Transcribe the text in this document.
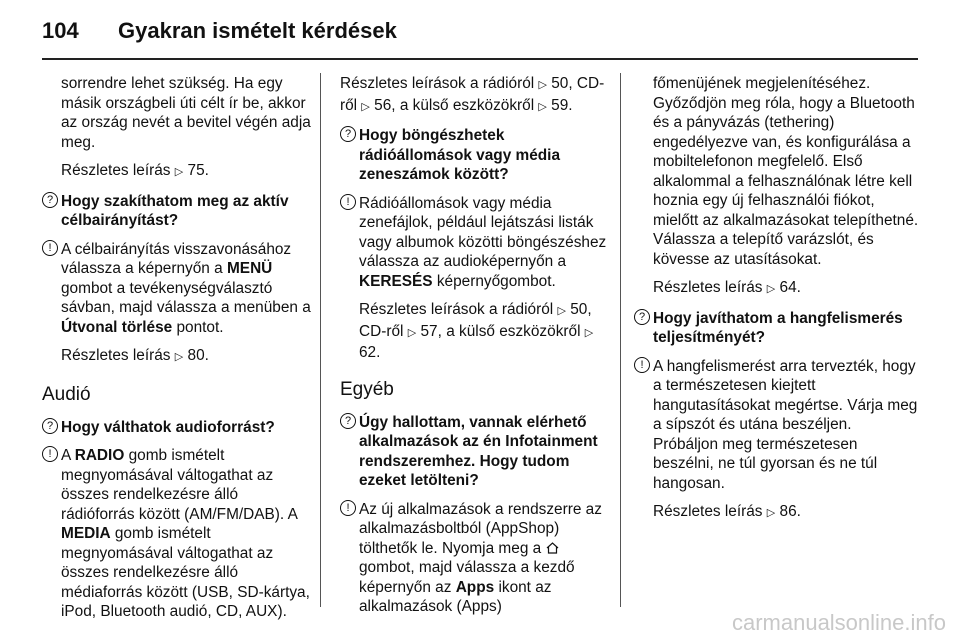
104 Gyakran ismételt kérdések

sorrendre lehet szükség. Ha egy másik országbeli úti célt ír be, akkor az ország nevét a bevitel végén adja meg.

Részletes leírás ▷ 75.

? Hogy szakíthatom meg az aktív célbairányítást?
! A célbairányítás visszavonásához válassza a képernyőn a MENÜ gombot a tevékenységválasztó sávban, majd válassza a menüben a Útvonal törlése pontot.

Részletes leírás ▷ 80.

Audió
? Hogy válthatok audioforrást?
! A RADIO gomb ismételt megnyomásával váltogathat az összes rendelkezésre álló rádióforrás között (AM/FM/DAB). A MEDIA gomb ismételt megnyomásával váltogathat az összes rendelkezésre álló médiaforrás között (USB, SD-kártya, iPod, Bluetooth audió, CD, AUX).

Részletes leírások a rádióról ▷ 50, CD-ről ▷ 56, a külső eszközökről ▷ 59.

? Hogy böngészhetek rádióállomások vagy média zeneszámok között?
! Rádióállomások vagy média zenefájlok, például lejátszási listák vagy albumok közötti böngészéshez válassza az audioképernyőn a KERESÉS képernyőgombot.

Részletes leírások a rádióról ▷ 50, CD-ről ▷ 57, a külső eszközökről ▷ 62.

Egyéb
? Úgy hallottam, vannak elérhető alkalmazások az én Infotainment rendszeremhez. Hogy tudom ezeket letölteni?
! Az új alkalmazások a rendszerre az alkalmazásboltból (AppShop) tölthetők le. Nyomja meg a  gombot, majd válassza a kezdő képernyőn az Apps ikont az alkalmazások (Apps)

főmenüjének megjelenítéséhez. Győződjön meg róla, hogy a Bluetooth és a pányvázás (tethering) engedélyezve van, és konfigurálása a mobiltelefonon megfelelő. Első alkalommal a felhasználónak létre kell hoznia egy új felhasználói fiókot, mielőtt az alkalmazásokat telepíthetné. Válassza a telepítő varázslót, és kövesse az utasításokat.

Részletes leírás ▷ 64.

? Hogy javíthatom a hangfelismerés teljesítményét?
! A hangfelismerést arra tervezték, hogy a természetesen kiejtett hangutasításokat megértse. Várja meg a sípszót és utána beszéljen. Próbáljon meg természetesen beszélni, ne túl gyorsan és ne túl hangosan.

Részletes leírás ▷ 86.

carmanualsonline.info
